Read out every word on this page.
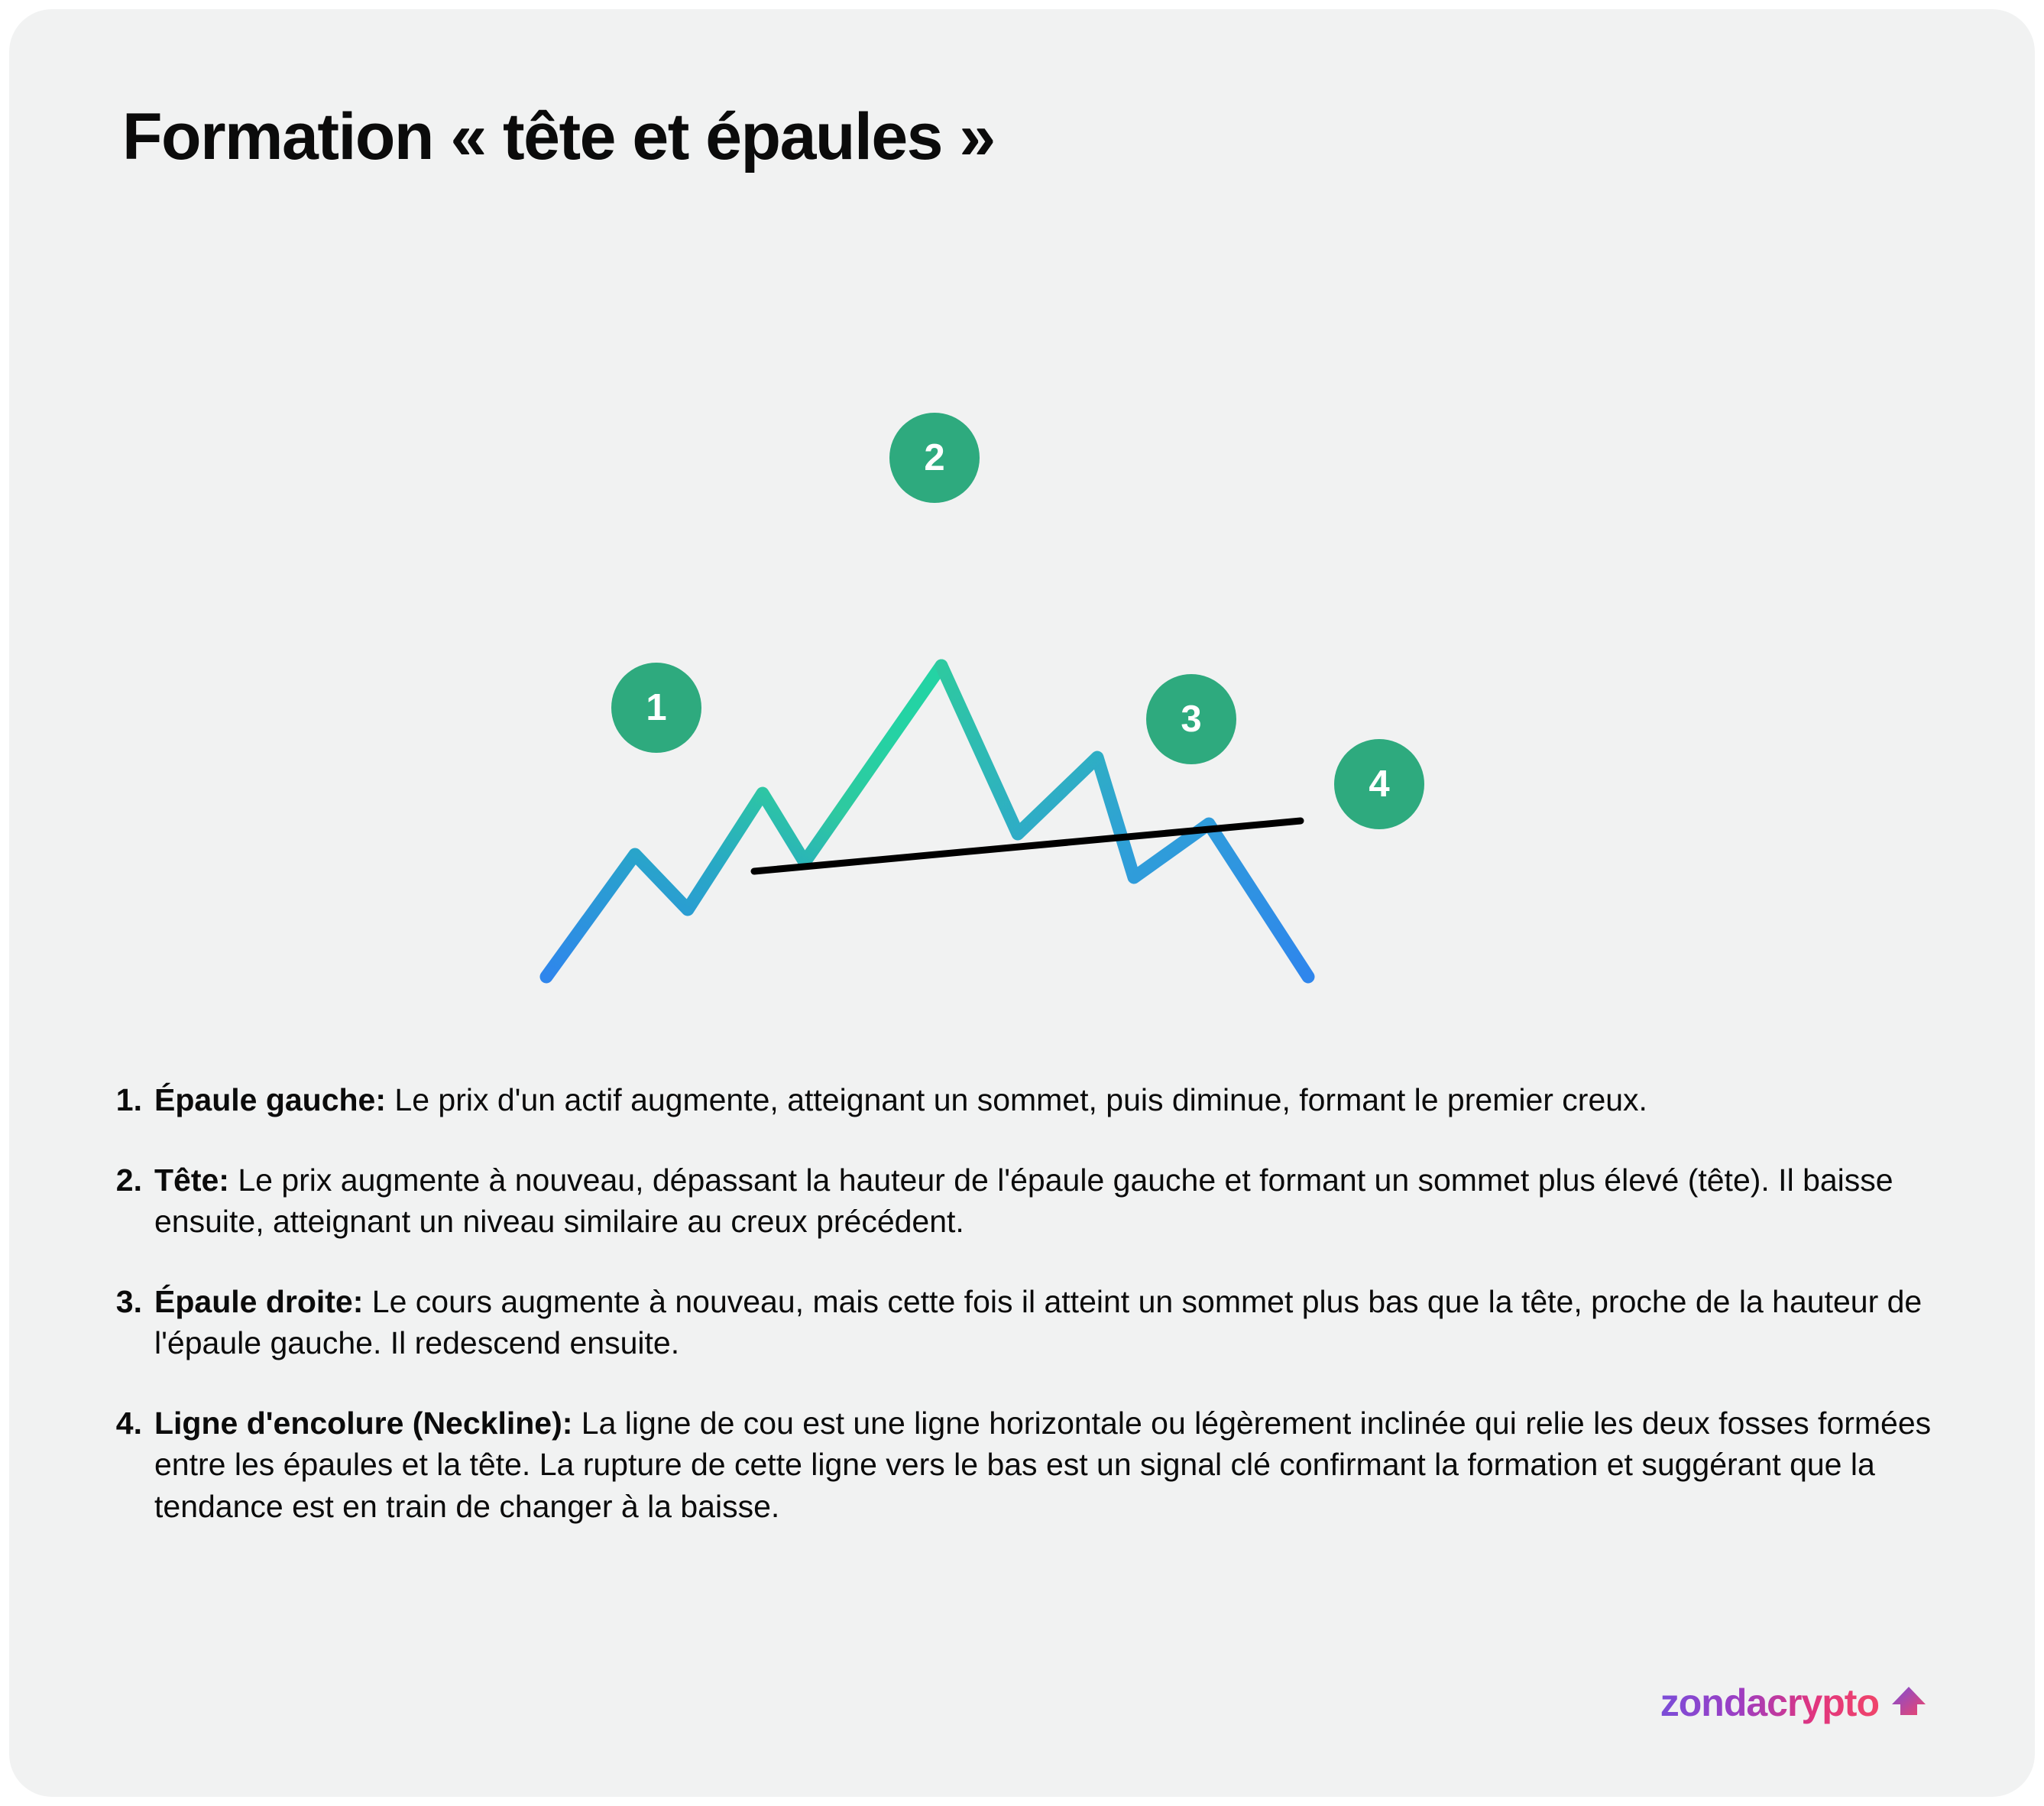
Formation « tête et épaules »
1
2
3
4
1. Épaule gauche: Le prix d'un actif augmente, atteignant un sommet, puis diminue, formant le premier creux.
2. Tête: Le prix augmente à nouveau, dépassant la hauteur de l'épaule gauche et formant un sommet plus élevé (tête). Il baisse ensuite, atteignant un niveau similaire au creux précédent.
3. Épaule droite: Le cours augmente à nouveau, mais cette fois il atteint un sommet plus bas que la tête, proche de la hauteur de l'épaule gauche. Il redescend ensuite.
4. Ligne d'encolure (Neckline): La ligne de cou est une ligne horizontale ou légèrement inclinée qui relie les deux fosses formées entre les épaules et la tête. La rupture de cette ligne vers le bas est un signal clé confirmant la formation et suggérant que la tendance est en train de changer à la baisse.
zondacrypto
